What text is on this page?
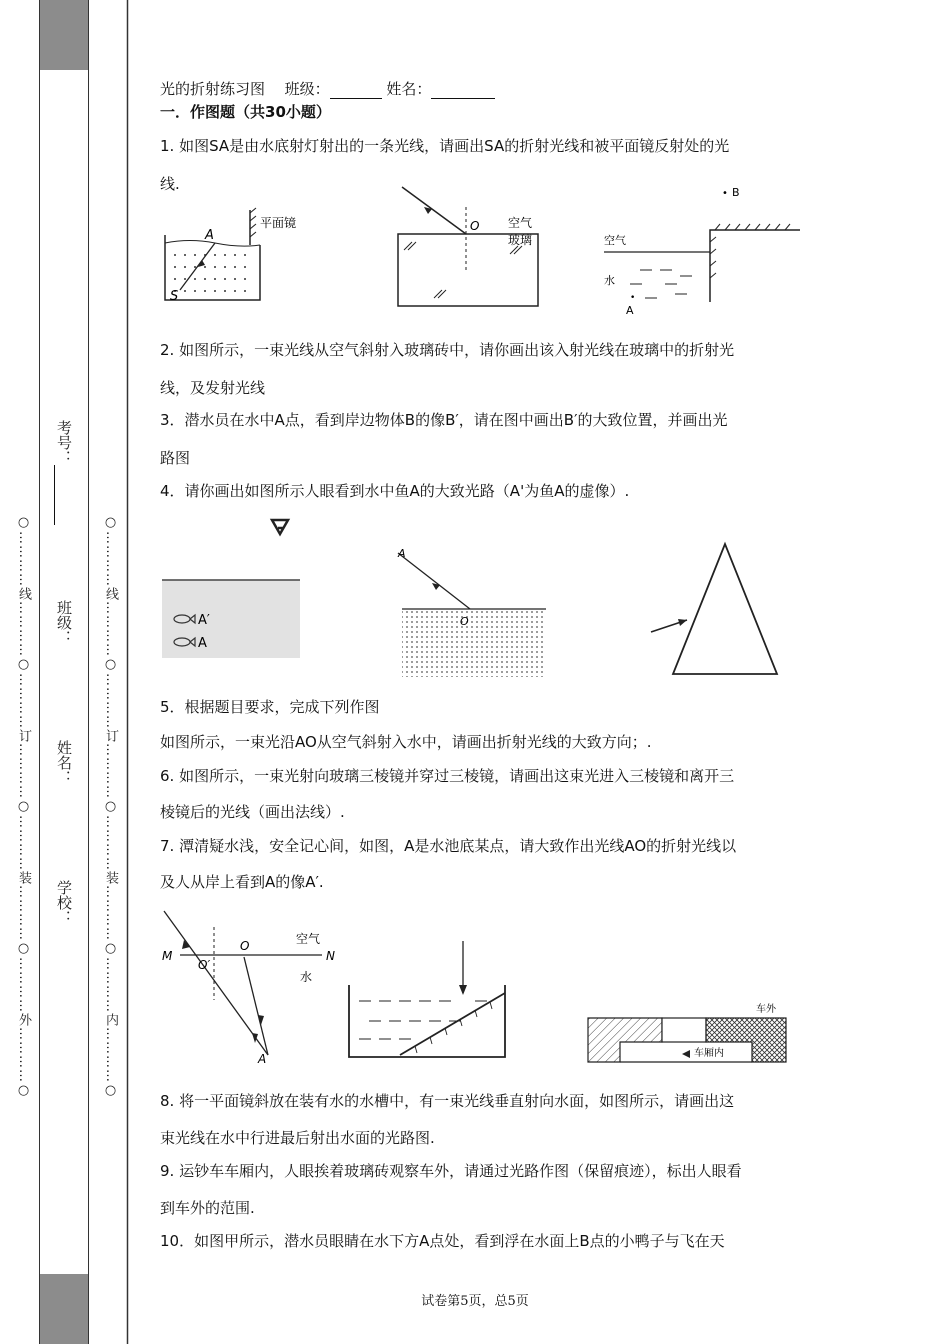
○…………线…………○…………订…………○…………装…………○…………外…………○
考号：
班级：
姓名：
学校：
○…………线…………○…………订…………○…………装…………○…………内…………○
光的折射练习图 班级：	姓名：
一．作图题（共30小题）
1. 如图SA是由水底射灯射出的一条光线，请画出SA的折射光线和被平面镜反射处的光
线.
平面镜
A
S
O 空气
玻璃
• B
空气
水
•
A
2. 如图所示，一束光线从空气斜射入玻璃砖中，请你画出该入射光线在玻璃中的折射光
线，及发射光线
3．潜水员在水中A点，看到岸边物体B的像B′，请在图中画出B′的大致位置，并画出光
路图
4．请你画出如图所示人眼看到水中鱼A的大致光路（A'为鱼A的虚像）.
A′
A
A
O
5．根据题目要求，完成下列作图
如图所示，一束光沿AO从空气斜射入水中，请画出折射光线的大致方向；.
6. 如图所示，一束光射向玻璃三棱镜并穿过三棱镜，请画出这束光进入三棱镜和离开三
棱镜后的光线（画出法线）.
7. 潭清疑水浅，安全记心间，如图，A是水池底某点，请大致作出光线AO的折射光线以
及人从岸上看到A的像A′.
M	N
O
O′
空气
水
A
车外
车厢内
8. 将一平面镜斜放在装有水的水槽中，有一束光线垂直射向水面，如图所示，请画出这
束光线在水中行进最后射出水面的光路图.
9. 运钞车车厢内，人眼挨着玻璃砖观察车外，请通过光路作图（保留痕迹），标出人眼看
到车外的范围.
10．如图甲所示，潜水员眼睛在水下方A点处，看到浮在水面上B点的小鸭子与飞在天
试卷第5页，总5页
